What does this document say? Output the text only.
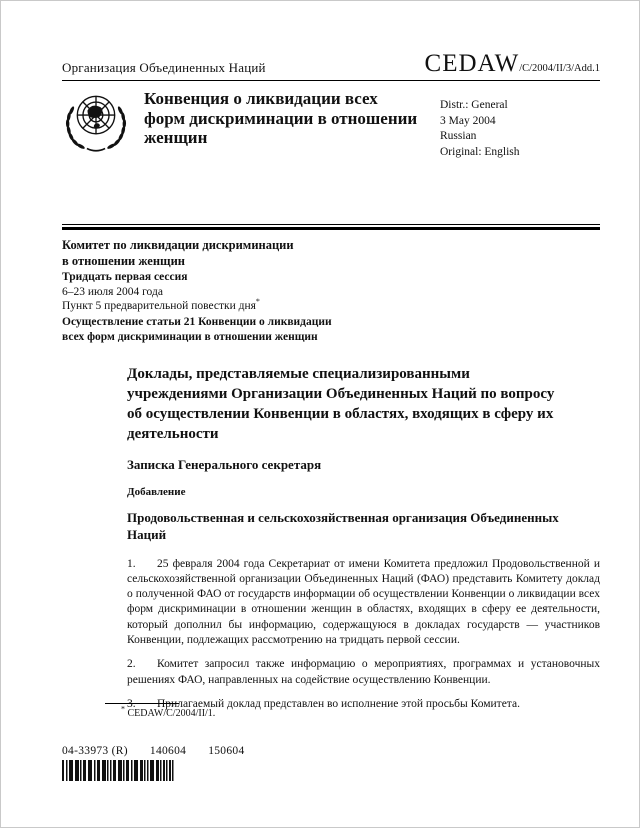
Организация Объединенных Наций	CEDAW/C/2004/II/3/Add.1
Конвенция о ликвидации всех форм дискриминации в отношении женщин
Distr.: General
3 May 2004
Russian
Original: English
Комитет по ликвидации дискриминации
в отношении женщин
Тридцать первая сессия
6–23 июля 2004 года
Пункт 5 предварительной повестки дня*
Осуществление статьи 21 Конвенции о ликвидации
всех форм дискриминации в отношении женщин
Доклады, представляемые специализированными учреждениями Организации Объединенных Наций по вопросу об осуществлении Конвенции в областях, входящих в сферу их деятельности
Записка Генерального секретаря
Добавление
Продовольственная и сельскохозяйственная организация Объединенных Наций

1. 25 февраля 2004 года Секретариат от имени Комитета предложил Продовольственной и сельскохозяйственной организации Объединенных Наций (ФАО) представить Комитету доклад о полученной ФАО от государств информации об осуществлении Конвенции о ликвидации всех форм дискриминации в отношении женщин в областях, входящих в сферу ее деятельности, который дополнил бы информацию, содержащуюся в докладах государств — участников Конвенции, подлежащих рассмотрению на тридцать первой сессии.

2. Комитет запросил также информацию о мероприятиях, программах и установочных решениях ФАО, направленных на содействие осуществлению Конвенции.

3. Прилагаемый доклад представлен во исполнение этой просьбы Комитета.

* CEDAW/C/2004/II/1.
04-33973 (R) 140604 150604
